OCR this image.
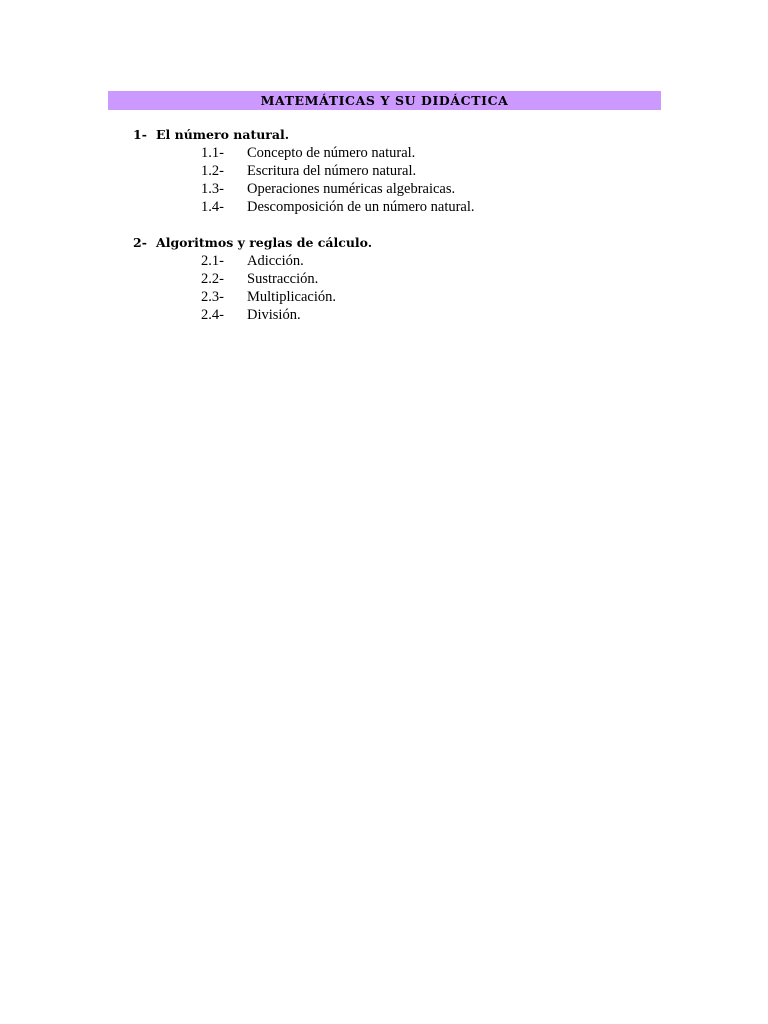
MATEMÁTICAS Y SU DIDÁCTICA
1- El número natural.
1.1-	Concepto de número natural.
1.2-	Escritura del número natural.
1.3-	Operaciones numéricas algebraicas.
1.4-	Descomposición de un número natural.
2- Algoritmos y reglas de cálculo.
2.1-	Adicción.
2.2-	Sustracción.
2.3-	Multiplicación.
2.4-	División.
